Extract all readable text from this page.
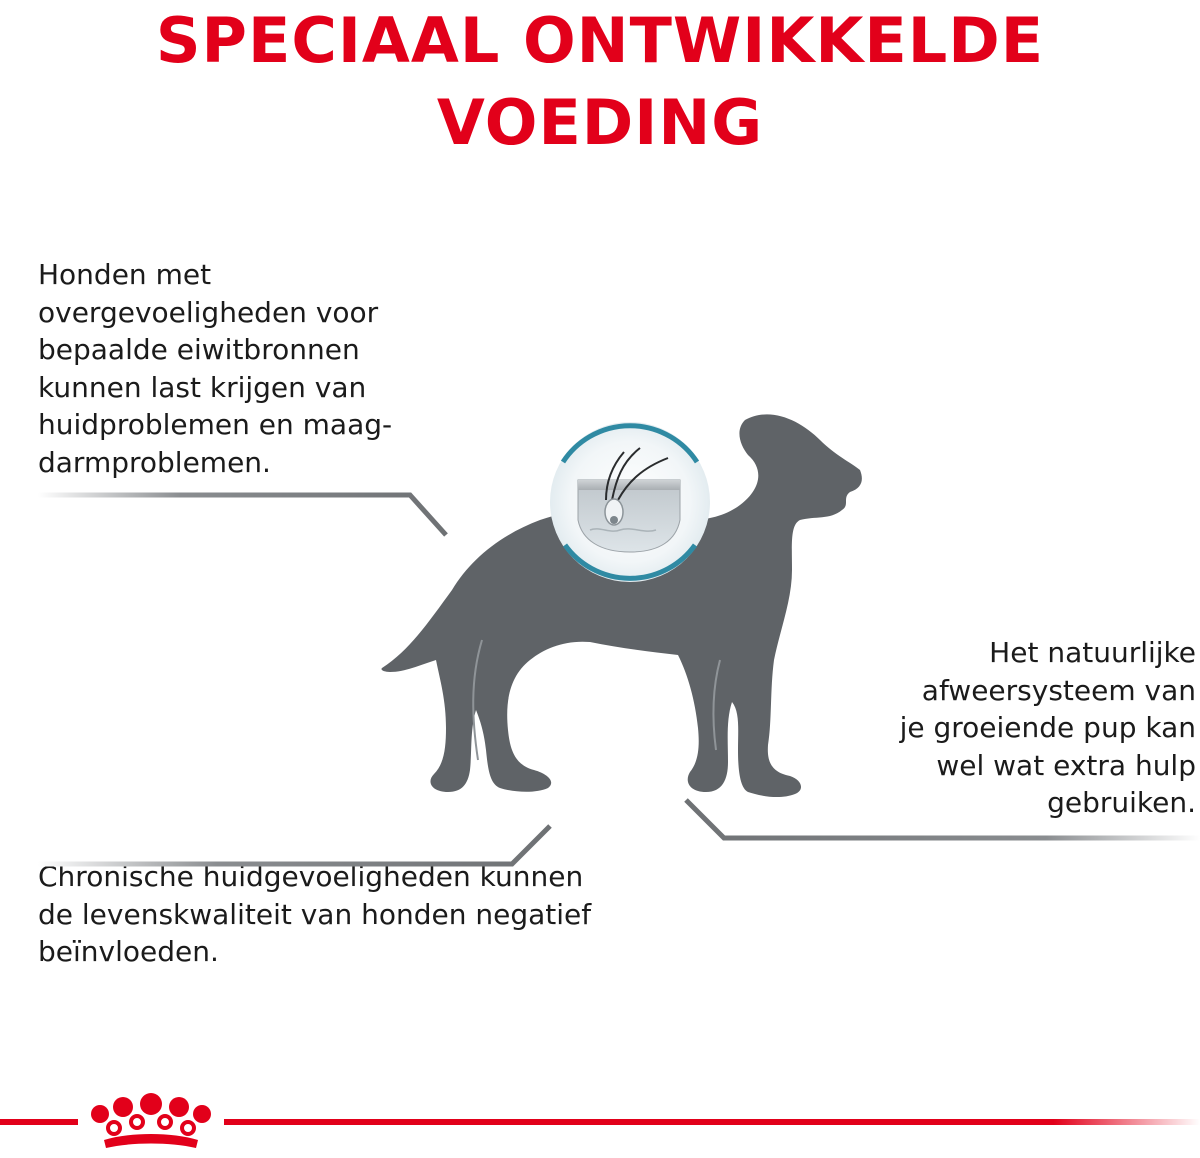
SPECIAAL ONTWIKKELDE
VOEDING
Honden met
overgevoeligheden voor
bepaalde eiwitbronnen
kunnen last krijgen van
huidproblemen en maag-
darmproblemen.
Het natuurlijke
afweersysteem van
je groeiende pup kan
wel wat extra hulp
gebruiken.
Chronische huidgevoeligheden kunnen
de levenskwaliteit van honden negatief
beïnvloeden.
